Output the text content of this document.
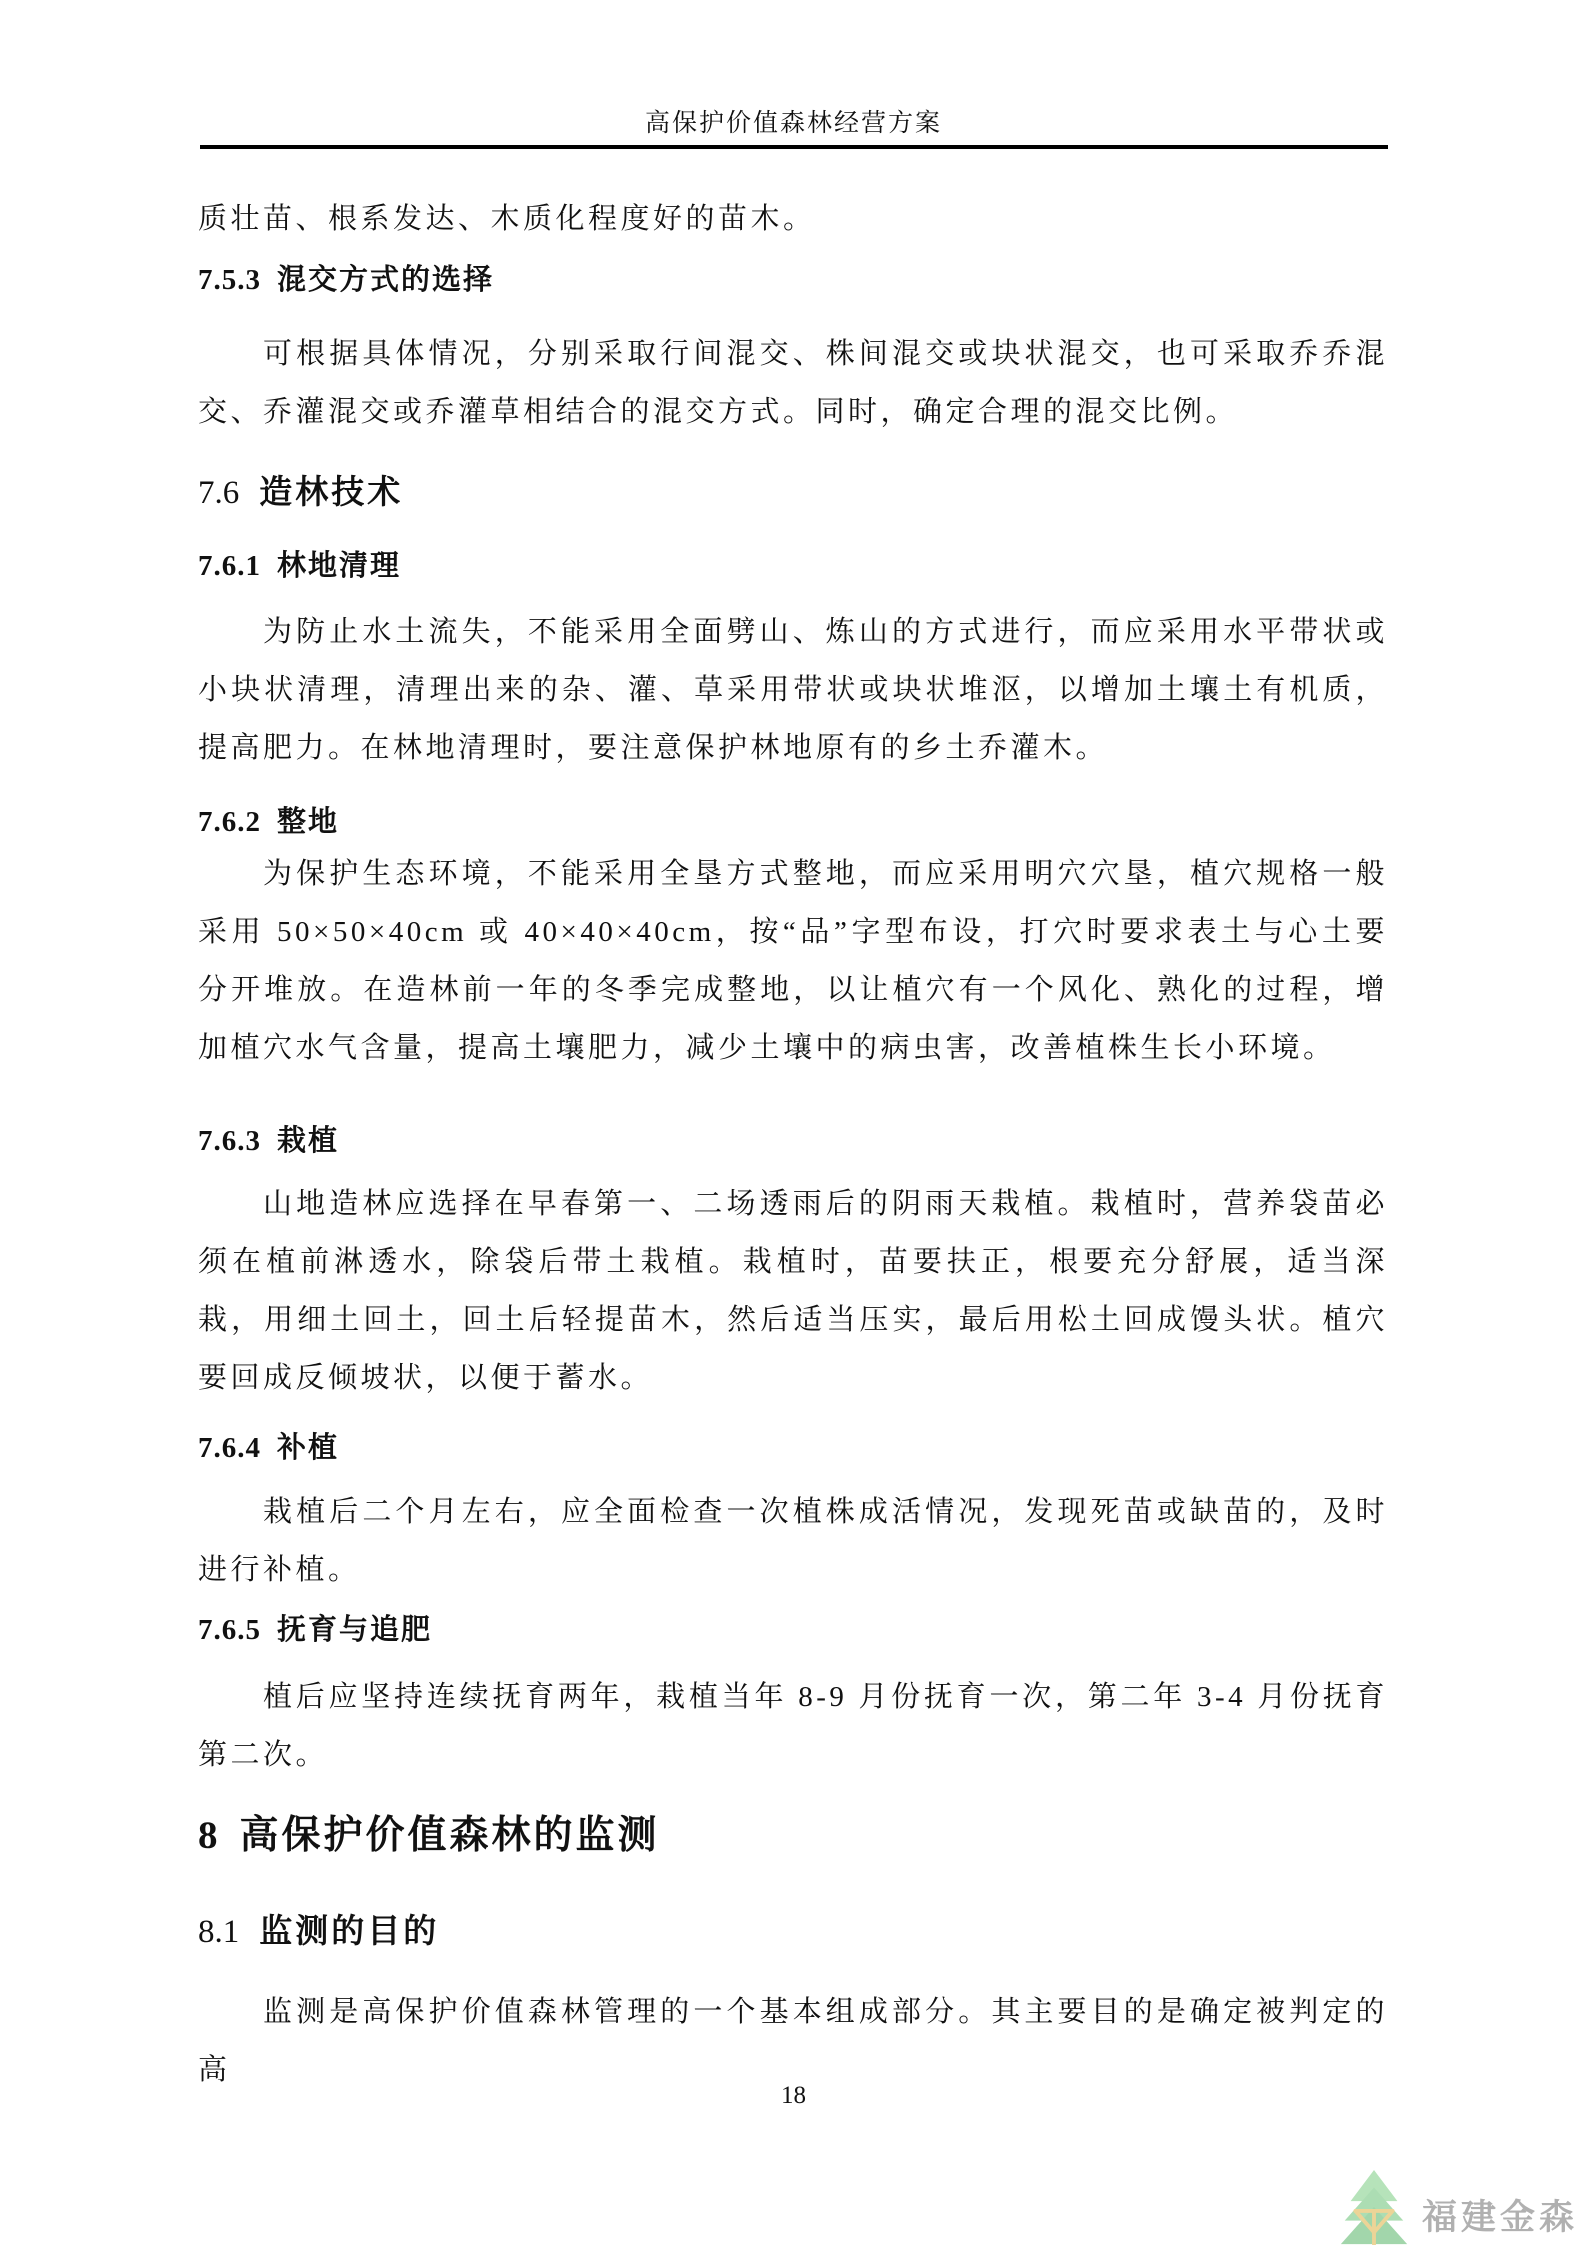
高保护价值森林经营方案

质壮苗、根系发达、木质化程度好的苗木。

7.5.3 混交方式的选择

可根据具体情况，分别采取行间混交、株间混交或块状混交，也可采取乔乔混交、乔灌混交或乔灌草相结合的混交方式。同时，确定合理的混交比例。

7.6 造林技术

7.6.1 林地清理

为防止水土流失，不能采用全面劈山、炼山的方式进行，而应采用水平带状或小块状清理，清理出来的杂、灌、草采用带状或块状堆沤，以增加土壤土有机质，提高肥力。在林地清理时，要注意保护林地原有的乡土乔灌木。

7.6.2 整地

为保护生态环境，不能采用全垦方式整地，而应采用明穴穴垦，植穴规格一般采用 50×50×40cm 或 40×40×40cm，按“品”字型布设，打穴时要求表土与心土要分开堆放。在造林前一年的冬季完成整地，以让植穴有一个风化、熟化的过程，增加植穴水气含量，提高土壤肥力，减少土壤中的病虫害，改善植株生长小环境。

7.6.3 栽植

山地造林应选择在早春第一、二场透雨后的阴雨天栽植。栽植时，营养袋苗必须在植前淋透水，除袋后带土栽植。栽植时，苗要扶正，根要充分舒展，适当深栽，用细土回土，回土后轻提苗木，然后适当压实，最后用松土回成馒头状。植穴要回成反倾坡状，以便于蓄水。

7.6.4 补植

栽植后二个月左右，应全面检查一次植株成活情况，发现死苗或缺苗的，及时进行补植。

7.6.5 抚育与追肥

植后应坚持连续抚育两年，栽植当年 8-9 月份抚育一次，第二年 3-4 月份抚育第二次。

8 高保护价值森林的监测

8.1 监测的目的

监测是高保护价值森林管理的一个基本组成部分。其主要目的是确定被判定的高

18
福建金森
